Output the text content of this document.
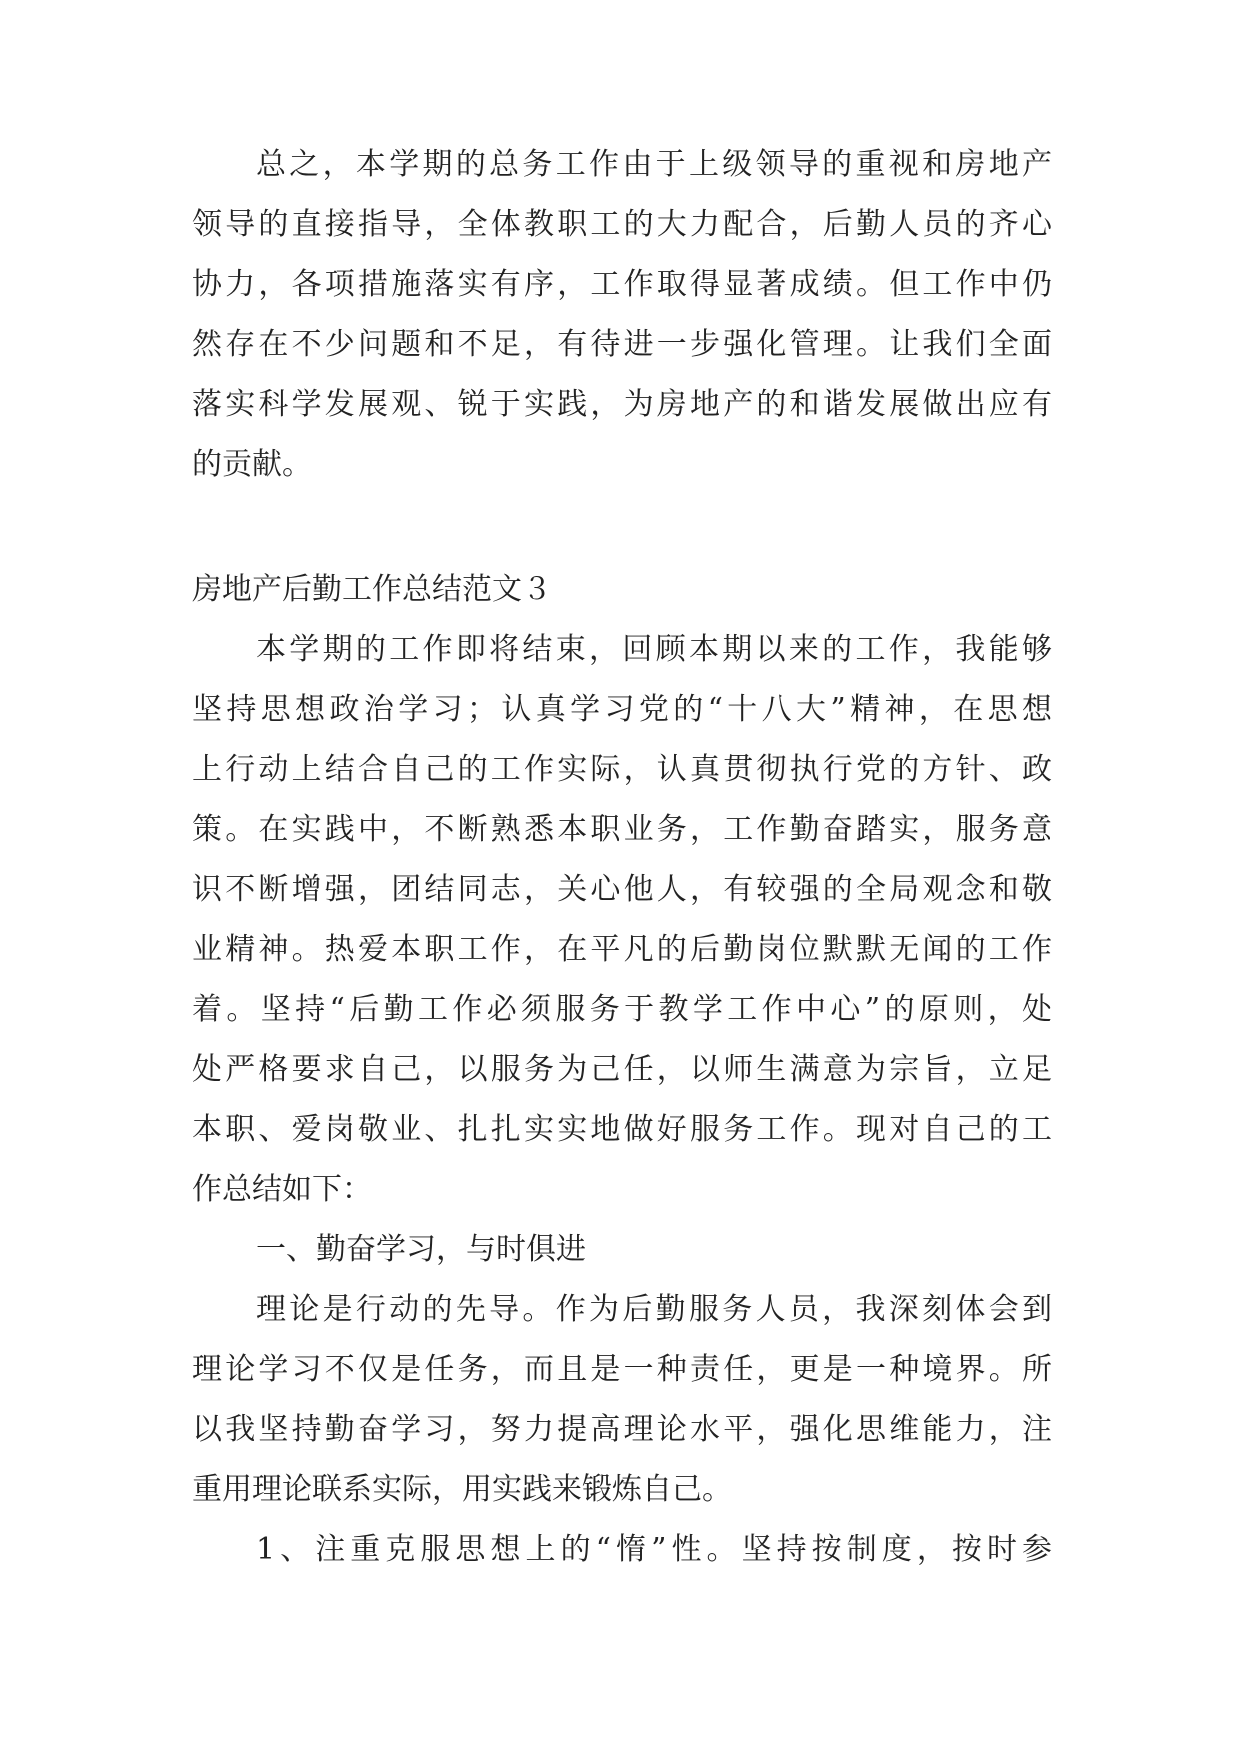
总之，本学期的总务工作由于上级领导的重视和房地产
领导的直接指导，全体教职工的大力配合，后勤人员的齐心
协力，各项措施落实有序，工作取得显著成绩。但工作中仍
然存在不少问题和不足，有待进一步强化管理。让我们全面
落实科学发展观、锐于实践，为房地产的和谐发展做出应有
的贡献。
房地产后勤工作总结范文３
本学期的工作即将结束，回顾本期以来的工作，我能够
坚持思想政治学习；认真学习党的“十八大”精神，在思想
上行动上结合自己的工作实际，认真贯彻执行党的方针、政
策。在实践中，不断熟悉本职业务，工作勤奋踏实，服务意
识不断增强，团结同志，关心他人，有较强的全局观念和敬
业精神。热爱本职工作，在平凡的后勤岗位默默无闻的工作
着。坚持“后勤工作必须服务于教学工作中心”的原则，处
处严格要求自己，以服务为己任，以师生满意为宗旨，立足
本职、爱岗敬业、扎扎实实地做好服务工作。现对自己的工
作总结如下：
一、勤奋学习，与时俱进
理论是行动的先导。作为后勤服务人员，我深刻体会到
理论学习不仅是任务，而且是一种责任，更是一种境界。所
以我坚持勤奋学习，努力提高理论水平，强化思维能力，注
重用理论联系实际，用实践来锻炼自己。
1、注重克服思想上的“惰”性。坚持按制度，按时参
